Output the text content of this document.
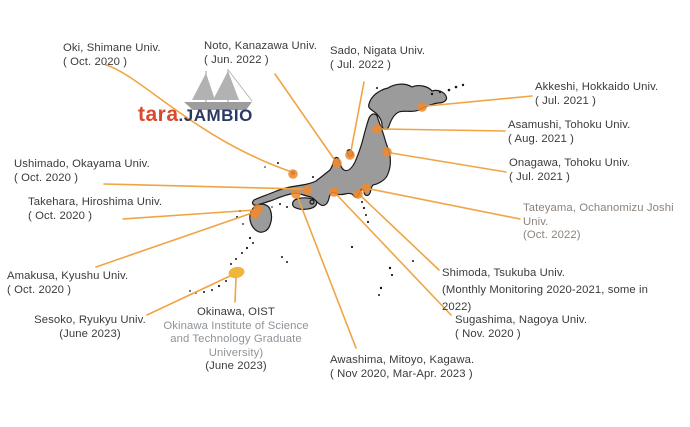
tara.JAMBIO
Oki, Shimane Univ.
( Oct. 2020 )
Noto, Kanazawa Univ.
( Jun. 2022 )
Sado, Nigata Univ.
( Jul. 2022 )
Akkeshi, Hokkaido Univ.
( Jul. 2021 )
Asamushi, Tohoku Univ.
( Aug. 2021 )
Onagawa, Tohoku Univ.
( Jul. 2021 )
Tateyama, Ochanomizu Joshi
Univ.
(Oct. 2022)
Shimoda, Tsukuba Univ.
(Monthly Monitoring 2020-2021, some in
2022)
Sugashima, Nagoya Univ.
( Nov. 2020 )
Awashima, Mitoyo, Kagawa.
( Nov 2020, Mar-Apr. 2023 )
Ushimado, Okayama Univ.
( Oct. 2020 )
Takehara, Hiroshima Univ.
( Oct. 2020 )
Amakusa, Kyushu Univ.
( Oct. 2020 )
Sesoko, Ryukyu Univ.
(June 2023)
Okinawa, OIST
Okinawa Institute of Science
and Technology Graduate
University)
(June 2023)
